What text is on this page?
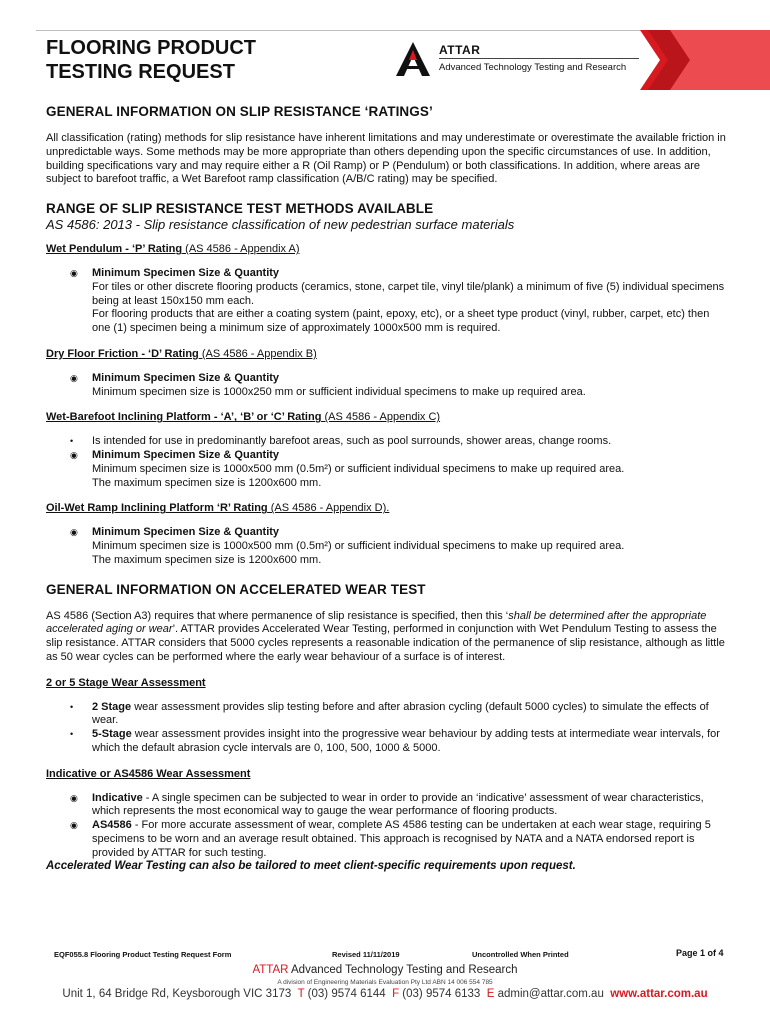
FLOORING PRODUCT
TESTING REQUEST
ATTAR
Advanced Technology Testing and Research
GENERAL INFORMATION ON SLIP RESISTANCE ‘RATINGS’

All classification (rating) methods for slip resistance have inherent limitations and may underestimate or overestimate the available friction in unpredictable ways. Some methods may be more appropriate than others depending upon the specific circumstances of use. In addition, building specifications vary and may require either a R (Oil Ramp) or P (Pendulum) or both classifications. In addition, where areas are subject to barefoot traffic, a Wet Barefoot ramp classification (A/B/C rating) may be specified.

RANGE OF SLIP RESISTANCE TEST METHODS AVAILABLE

AS 4586: 2013 - Slip resistance classification of new pedestrian surface materials

Wet Pendulum - ‘P’ Rating (AS 4586 - Appendix A)

◉ Minimum Specimen Size & Quantity
For tiles or other discrete flooring products (ceramics, stone, carpet tile, vinyl tile/plank) a minimum of five (5) individual specimens being at least 150x150 mm each.
For flooring products that are either a coating system (paint, epoxy, etc), or a sheet type product (vinyl, rubber, carpet, etc) then one (1) specimen being a minimum size of approximately 1000x500 mm is required.

Dry Floor Friction - ‘D’ Rating (AS 4586 - Appendix B)

◉ Minimum Specimen Size & Quantity
Minimum specimen size is 1000x250 mm or sufficient individual specimens to make up required area.

Wet-Barefoot Inclining Platform - ‘A’, ‘B’ or ‘C’ Rating (AS 4586 - Appendix C)

• Is intended for use in predominantly barefoot areas, such as pool surrounds, shower areas, change rooms.
◉ Minimum Specimen Size & Quantity
Minimum specimen size is 1000x500 mm (0.5m²) or sufficient individual specimens to make up required area.
The maximum specimen size is 1200x600 mm.

Oil-Wet Ramp Inclining Platform ‘R’ Rating (AS 4586 - Appendix D).

◉ Minimum Specimen Size & Quantity
Minimum specimen size is 1000x500 mm (0.5m²) or sufficient individual specimens to make up required area.
The maximum specimen size is 1200x600 mm.
GENERAL INFORMATION ON ACCELERATED WEAR TEST

AS 4586 (Section A3) requires that where permanence of slip resistance is specified, then this ‘shall be determined after the appropriate accelerated aging or wear’. ATTAR provides Accelerated Wear Testing, performed in conjunction with Wet Pendulum Testing to assess the slip resistance. ATTAR considers that 5000 cycles represents a reasonable indication of the permanence of slip resistance, although as little as 50 wear cycles can be performed where the early wear behaviour of a surface is of interest.

2 or 5 Stage Wear Assessment

• 2 Stage wear assessment provides slip testing before and after abrasion cycling (default 5000 cycles) to simulate the effects of wear.
• 5-Stage wear assessment provides insight into the progressive wear behaviour by adding tests at intermediate wear intervals, for which the default abrasion cycle intervals are 0, 100, 500, 1000 & 5000.

Indicative or AS4586 Wear Assessment

◉ Indicative - A single specimen can be subjected to wear in order to provide an ‘indicative’ assessment of wear characteristics, which represents the most economical way to gauge the wear performance of flooring products.
◉ AS4586 - For more accurate assessment of wear, complete AS 4586 testing can be undertaken at each wear stage, requiring 5 specimens to be worn and an average result obtained. This approach is recognised by NATA and a NATA endorsed report is provided by ATTAR for such testing.

Accelerated Wear Testing can also be tailored to meet client-specific requirements upon request.

EQF055.8 Flooring Product Testing Request Form	Revised 11/11/2019	Uncontrolled When Printed	Page 1 of 4
ATTAR Advanced Technology Testing and Research
A division of Engineering Materials Evaluation Pty Ltd ABN 14 006 554 785
Unit 1, 64 Bridge Rd, Keysborough VIC 3173 T (03) 9574 6144 F (03) 9574 6133 E admin@attar.com.au www.attar.com.au
